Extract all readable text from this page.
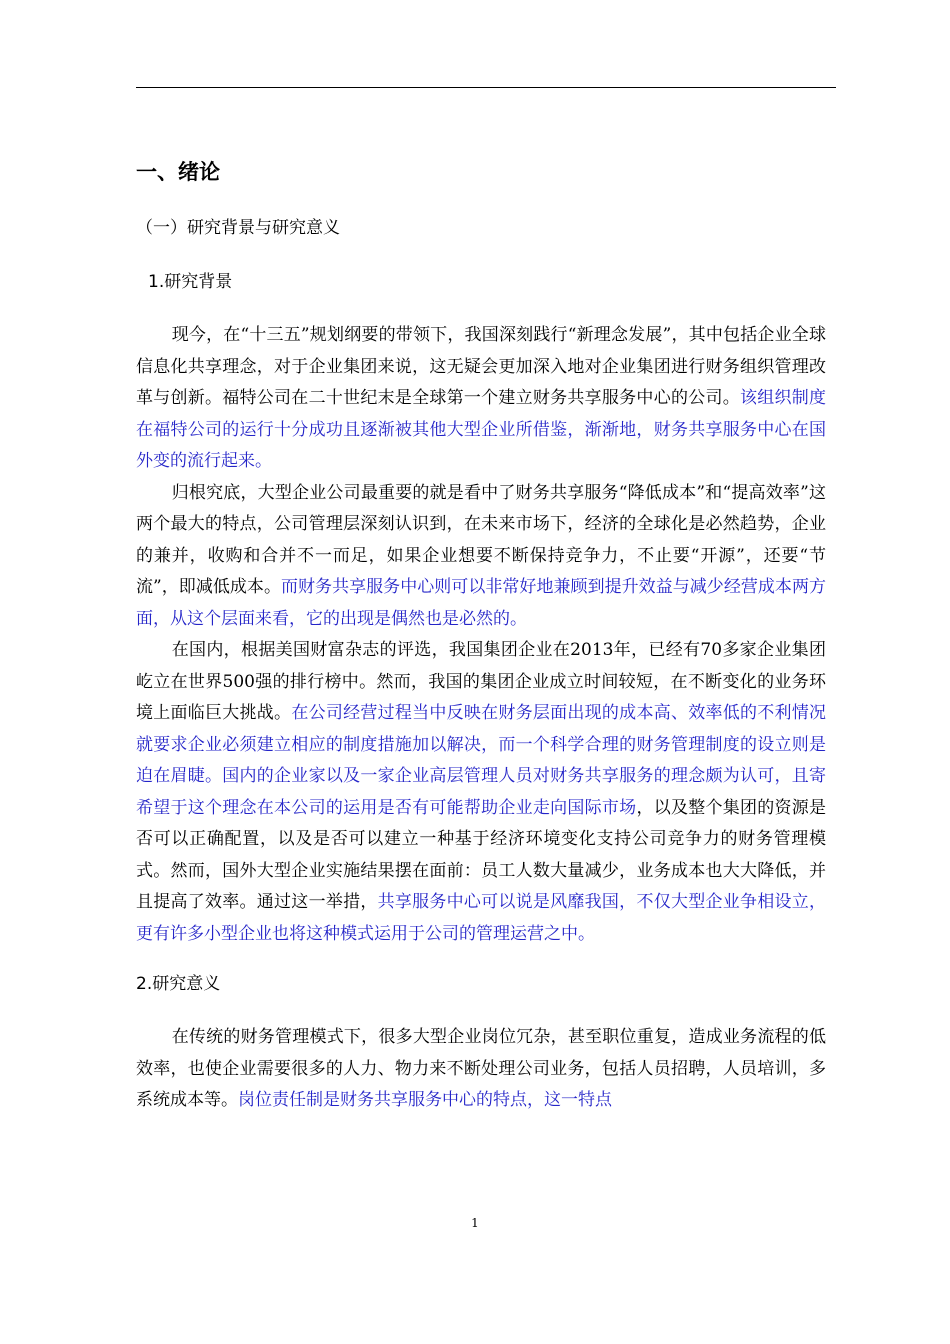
一、绪论
（一）研究背景与研究意义
1.研究背景

现今，在“十三五”规划纲要的带领下，我国深刻践行“新理念发展”，其中包括企业全球信息化共享理念，对于企业集团来说，这无疑会更加深入地对企业集团进行财务组织管理改革与创新。福特公司在二十世纪末是全球第一个建立财务共享服务中心的公司。该组织制度在福特公司的运行十分成功且逐渐被其他大型企业所借鉴，渐渐地，财务共享服务中心在国外变的流行起来。

归根究底，大型企业公司最重要的就是看中了财务共享服务“降低成本”和“提高效率”这两个最大的特点，公司管理层深刻认识到，在未来市场下，经济的全球化是必然趋势，企业的兼并，收购和合并不一而足，如果企业想要不断保持竞争力，不止要“开源”，还要“节流”，即减低成本。而财务共享服务中心则可以非常好地兼顾到提升效益与减少经营成本两方面，从这个层面来看，它的出现是偶然也是必然的。

在国内，根据美国财富杂志的评选，我国集团企业在2013年，已经有70多家企业集团屹立在世界500强的排行榜中。然而，我国的集团企业成立时间较短，在不断变化的业务环境上面临巨大挑战。在公司经营过程当中反映在财务层面出现的成本高、效率低的不利情况就要求企业必须建立相应的制度措施加以解决，而一个科学合理的财务管理制度的设立则是迫在眉睫。国内的企业家以及一家企业高层管理人员对财务共享服务的理念颇为认可，且寄希望于这个理念在本公司的运用是否有可能帮助企业走向国际市场，以及整个集团的资源是否可以正确配置，以及是否可以建立一种基于经济环境变化支持公司竞争力的财务管理模式。然而，国外大型企业实施结果摆在面前：员工人数大量减少，业务成本也大大降低，并且提高了效率。通过这一举措，共享服务中心可以说是风靡我国，不仅大型企业争相设立，更有许多小型企业也将这种模式运用于公司的管理运营之中。

2.研究意义

在传统的财务管理模式下，很多大型企业岗位冗杂，甚至职位重复，造成业务流程的低效率，也使企业需要很多的人力、物力来不断处理公司业务，包括人员招聘，人员培训，多系统成本等。岗位责任制是财务共享服务中心的特点，这一特点

1
